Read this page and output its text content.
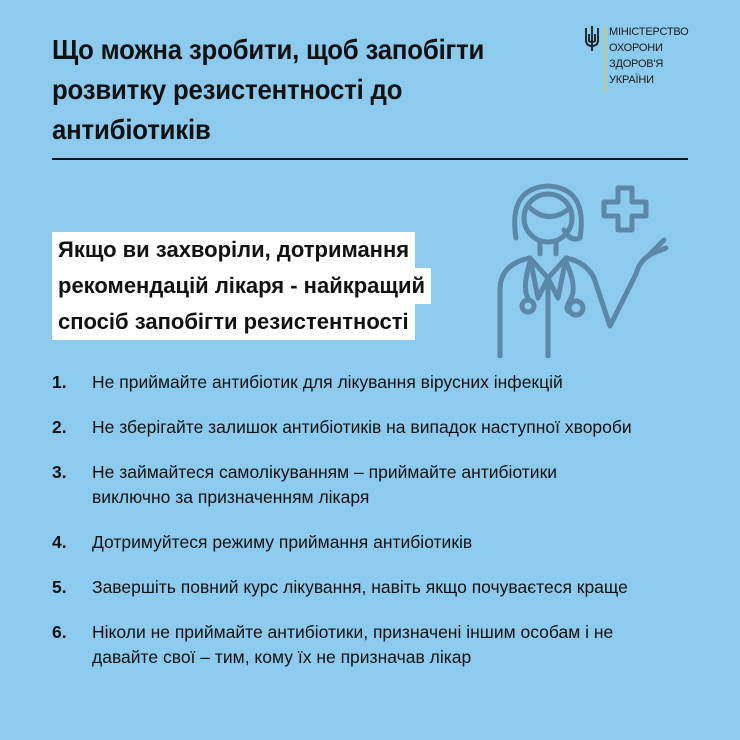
Що можна зробити, щоб запобігти
розвитку резистентності до
антибіотиків
МІНІСТЕРСТВО
ОХОРОНИ
ЗДОРОВ'Я
УКРАЇНИ
Якщо ви захворіли, дотримання
рекомендацій лікаря - найкращий
спосіб запобігти резистентності
1. Не приймайте антибіотик для лікування вірусних інфекцій
2. Не зберігайте залишок антибіотиків на випадок наступної хвороби
3. Не займайтеся самолікуванням – приймайте антибіотики
виключно за призначенням лікаря
4. Дотримуйтеся режиму приймання антибіотиків
5. Завершіть повний курс лікування, навіть якщо почуваєтеся краще
6. Ніколи не приймайте антибіотики, призначені іншим особам і не
давайте свої – тим, кому їх не призначав лікар
